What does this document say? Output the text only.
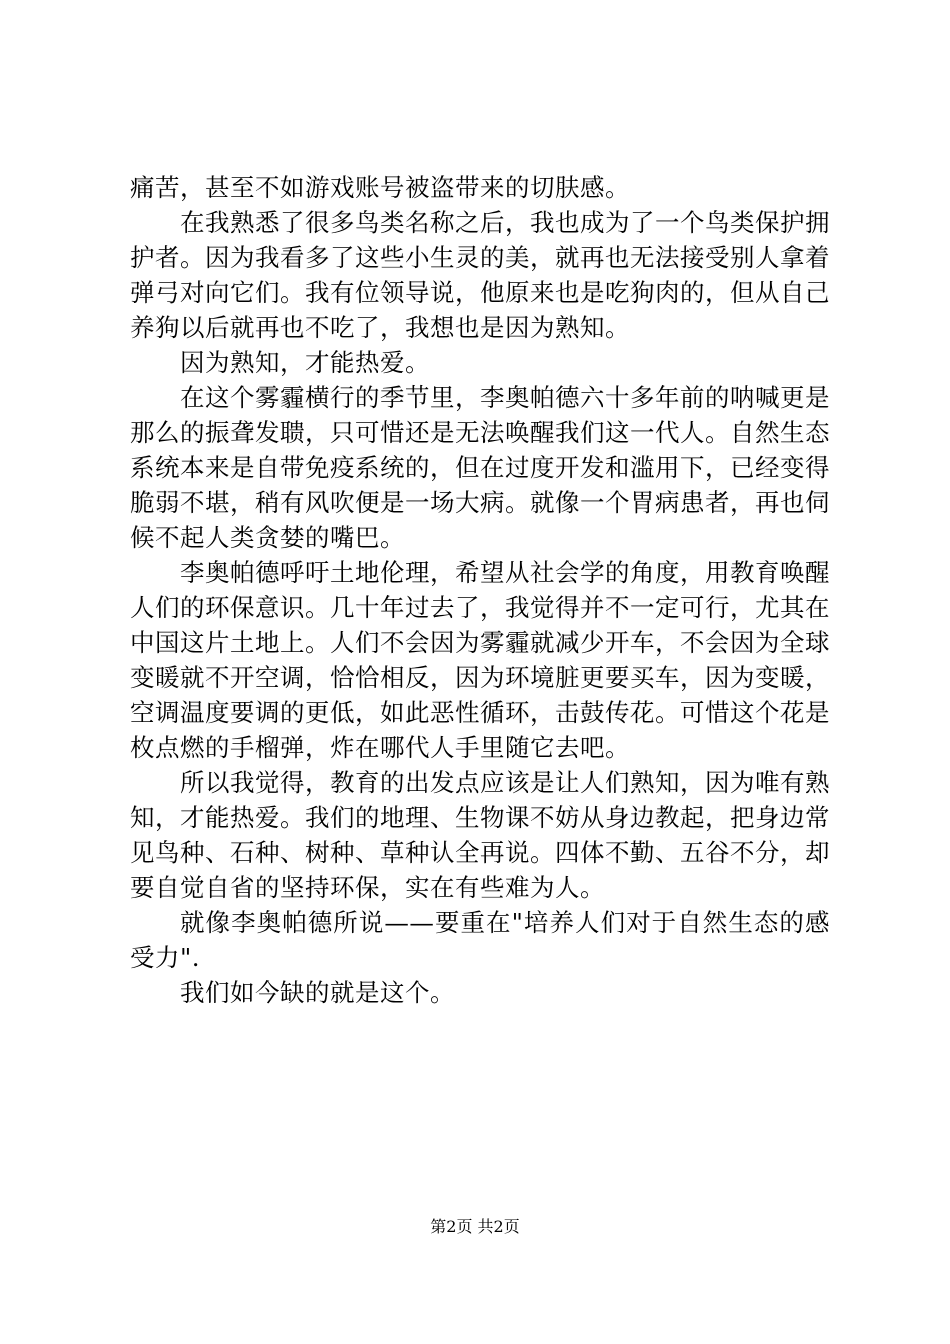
痛苦，甚至不如游戏账号被盗带来的切肤感。

在我熟悉了很多鸟类名称之后，我也成为了一个鸟类保护拥护者。因为我看多了这些小生灵的美，就再也无法接受别人拿着弹弓对向它们。我有位领导说，他原来也是吃狗肉的，但从自己养狗以后就再也不吃了，我想也是因为熟知。

因为熟知，才能热爱。

在这个雾霾横行的季节里，李奥帕德六十多年前的呐喊更是那么的振聋发聩，只可惜还是无法唤醒我们这一代人。自然生态系统本来是自带免疫系统的，但在过度开发和滥用下，已经变得脆弱不堪，稍有风吹便是一场大病。就像一个胃病患者，再也伺候不起人类贪婪的嘴巴。

李奥帕德呼吁土地伦理，希望从社会学的角度，用教育唤醒人们的环保意识。几十年过去了，我觉得并不一定可行，尤其在中国这片土地上。人们不会因为雾霾就减少开车，不会因为全球变暖就不开空调，恰恰相反，因为环境脏更要买车，因为变暖，空调温度要调的更低，如此恶性循环，击鼓传花。可惜这个花是枚点燃的手榴弹，炸在哪代人手里随它去吧。

所以我觉得，教育的出发点应该是让人们熟知，因为唯有熟知，才能热爱。我们的地理、生物课不妨从身边教起，把身边常见鸟种、石种、树种、草种认全再说。四体不勤、五谷不分，却要自觉自省的坚持环保，实在有些难为人。

就像李奥帕德所说——要重在"培养人们对于自然生态的感受力".

我们如今缺的就是这个。

第2页 共2页
